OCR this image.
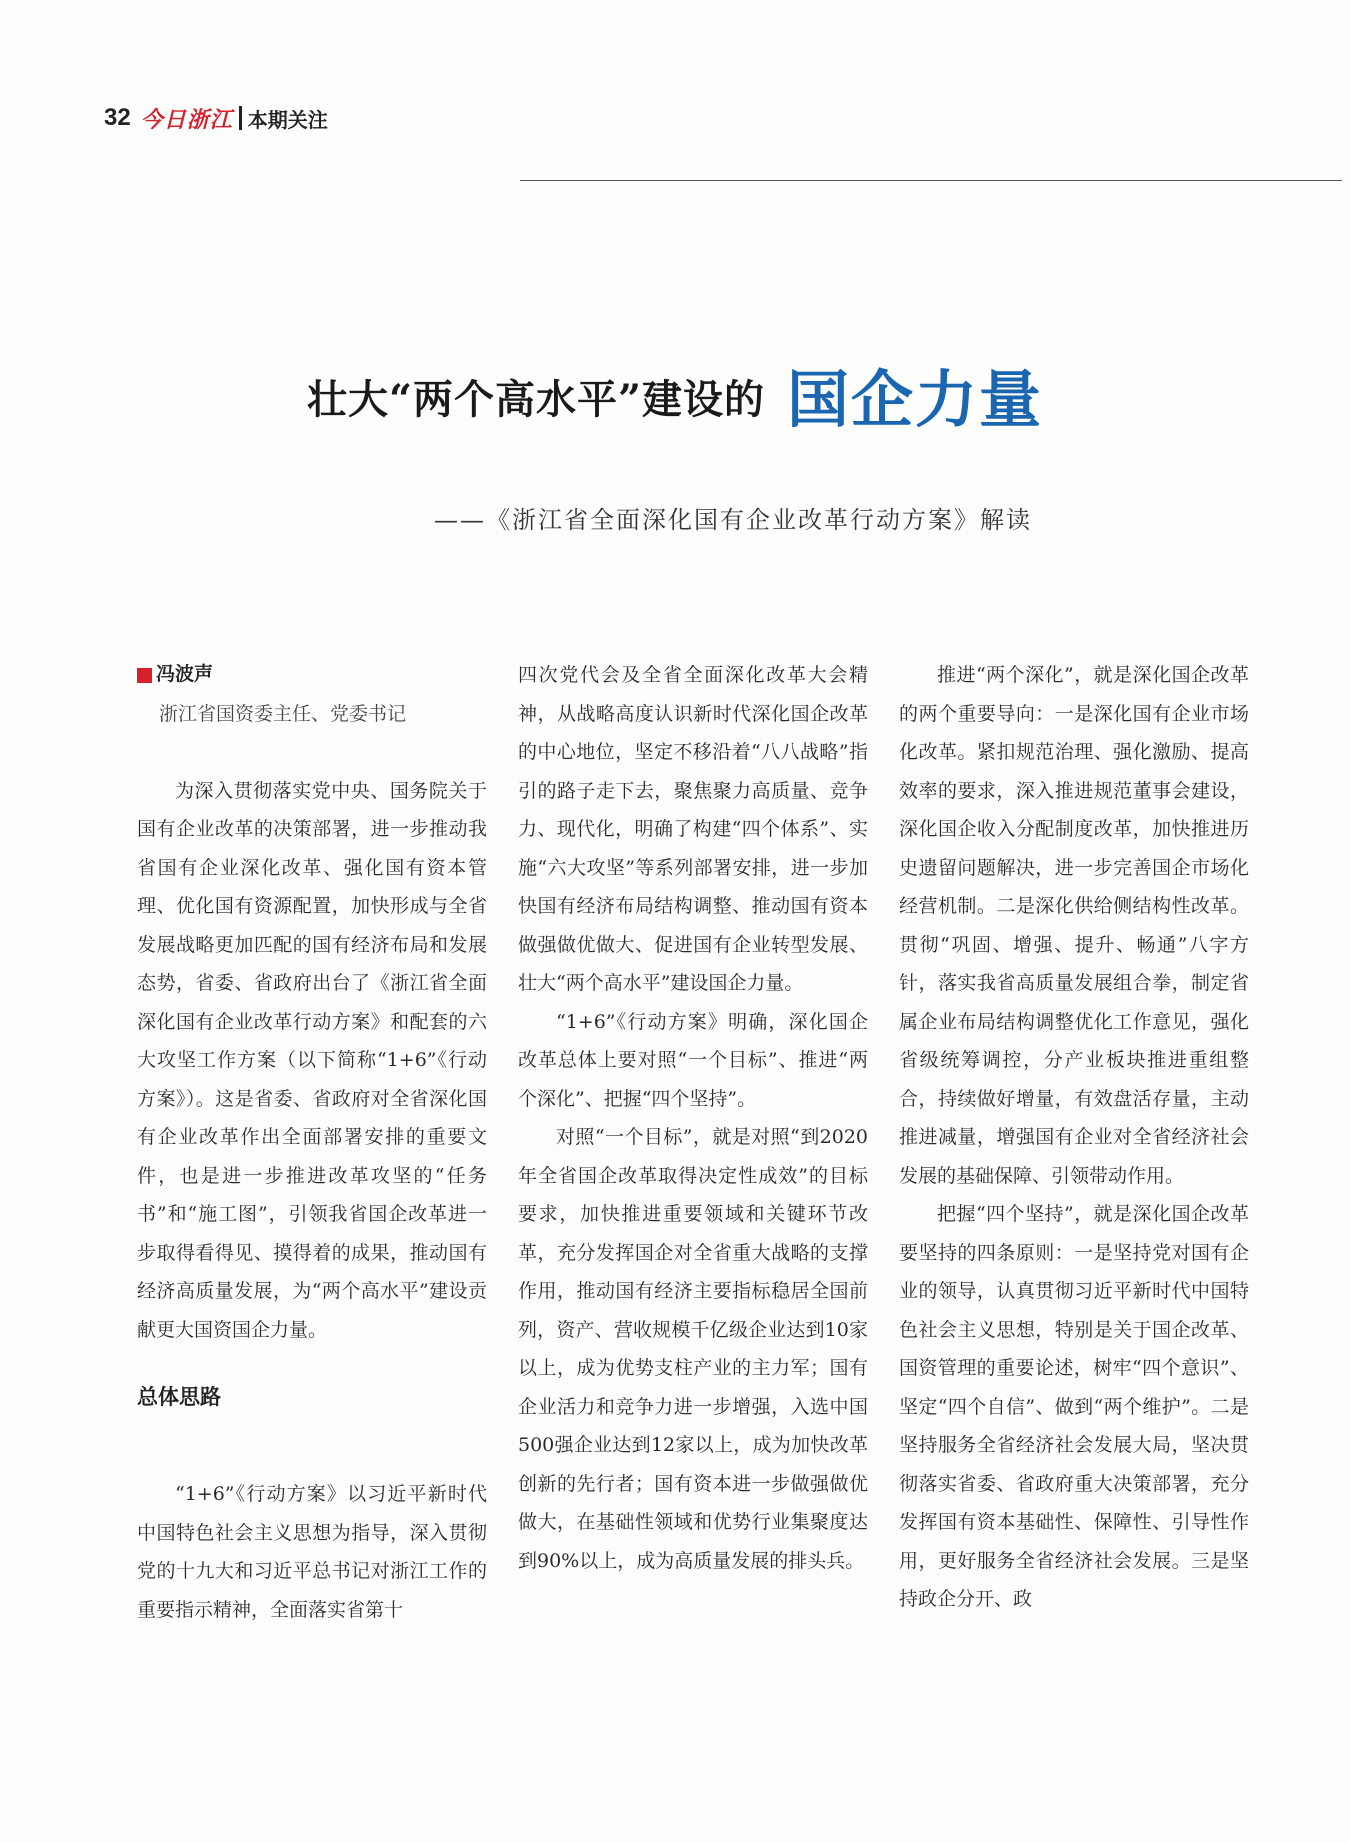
32 今日浙江 本期关注
壮大“两个高水平”建设的 国企力量
——《浙江省全面深化国有企业改革行动方案》解读
冯波声
浙江省国资委主任、党委书记

为深入贯彻落实党中央、国务院关于国有企业改革的决策部署，进一步推动我省国有企业深化改革、强化国有资本管理、优化国有资源配置，加快形成与全省发展战略更加匹配的国有经济布局和发展态势，省委、省政府出台了《浙江省全面深化国有企业改革行动方案》和配套的六大攻坚工作方案（以下简称“1+6”《行动方案》）。这是省委、省政府对全省深化国有企业改革作出全面部署安排的重要文件，也是进一步推进改革攻坚的“任务书”和“施工图”，引领我省国企改革进一步取得看得见、摸得着的成果，推动国有经济高质量发展，为“两个高水平”建设贡献更大国资国企力量。

总体思路

“1+6”《行动方案》以习近平新时代中国特色社会主义思想为指导，深入贯彻党的十九大和习近平总书记对浙江工作的重要指示精神，全面落实省第十

四次党代会及全省全面深化改革大会精神，从战略高度认识新时代深化国企改革的中心地位，坚定不移沿着“八八战略”指引的路子走下去，聚焦聚力高质量、竞争力、现代化，明确了构建“四个体系”、实施“六大攻坚”等系列部署安排，进一步加快国有经济布局结构调整、推动国有资本做强做优做大、促进国有企业转型发展、壮大“两个高水平”建设国企力量。

“1+6”《行动方案》明确，深化国企改革总体上要对照“一个目标”、推进“两个深化”、把握“四个坚持”。

对照“一个目标”，就是对照“到2020年全省国企改革取得决定性成效”的目标要求，加快推进重要领域和关键环节改革，充分发挥国企对全省重大战略的支撑作用，推动国有经济主要指标稳居全国前列，资产、营收规模千亿级企业达到10家以上，成为优势支柱产业的主力军；国有企业活力和竞争力进一步增强，入选中国500强企业达到12家以上，成为加快改革创新的先行者；国有资本进一步做强做优做大，在基础性领域和优势行业集聚度达到90%以上，成为高质量发展的排头兵。

推进“两个深化”，就是深化国企改革的两个重要导向：一是深化国有企业市场化改革。紧扣规范治理、强化激励、提高效率的要求，深入推进规范董事会建设，深化国企收入分配制度改革，加快推进历史遗留问题解决，进一步完善国企市场化经营机制。二是深化供给侧结构性改革。贯彻“巩固、增强、提升、畅通”八字方针，落实我省高质量发展组合拳，制定省属企业布局结构调整优化工作意见，强化省级统筹调控，分产业板块推进重组整合，持续做好增量，有效盘活存量，主动推进减量，增强国有企业对全省经济社会发展的基础保障、引领带动作用。

把握“四个坚持”，就是深化国企改革要坚持的四条原则：一是坚持党对国有企业的领导，认真贯彻习近平新时代中国特色社会主义思想，特别是关于国企改革、国资管理的重要论述，树牢“四个意识”、坚定“四个自信”、做到“两个维护”。二是坚持服务全省经济社会发展大局，坚决贯彻落实省委、省政府重大决策部署，充分发挥国有资本基础性、保障性、引导性作用，更好服务全省经济社会发展。三是坚持政企分开、政
